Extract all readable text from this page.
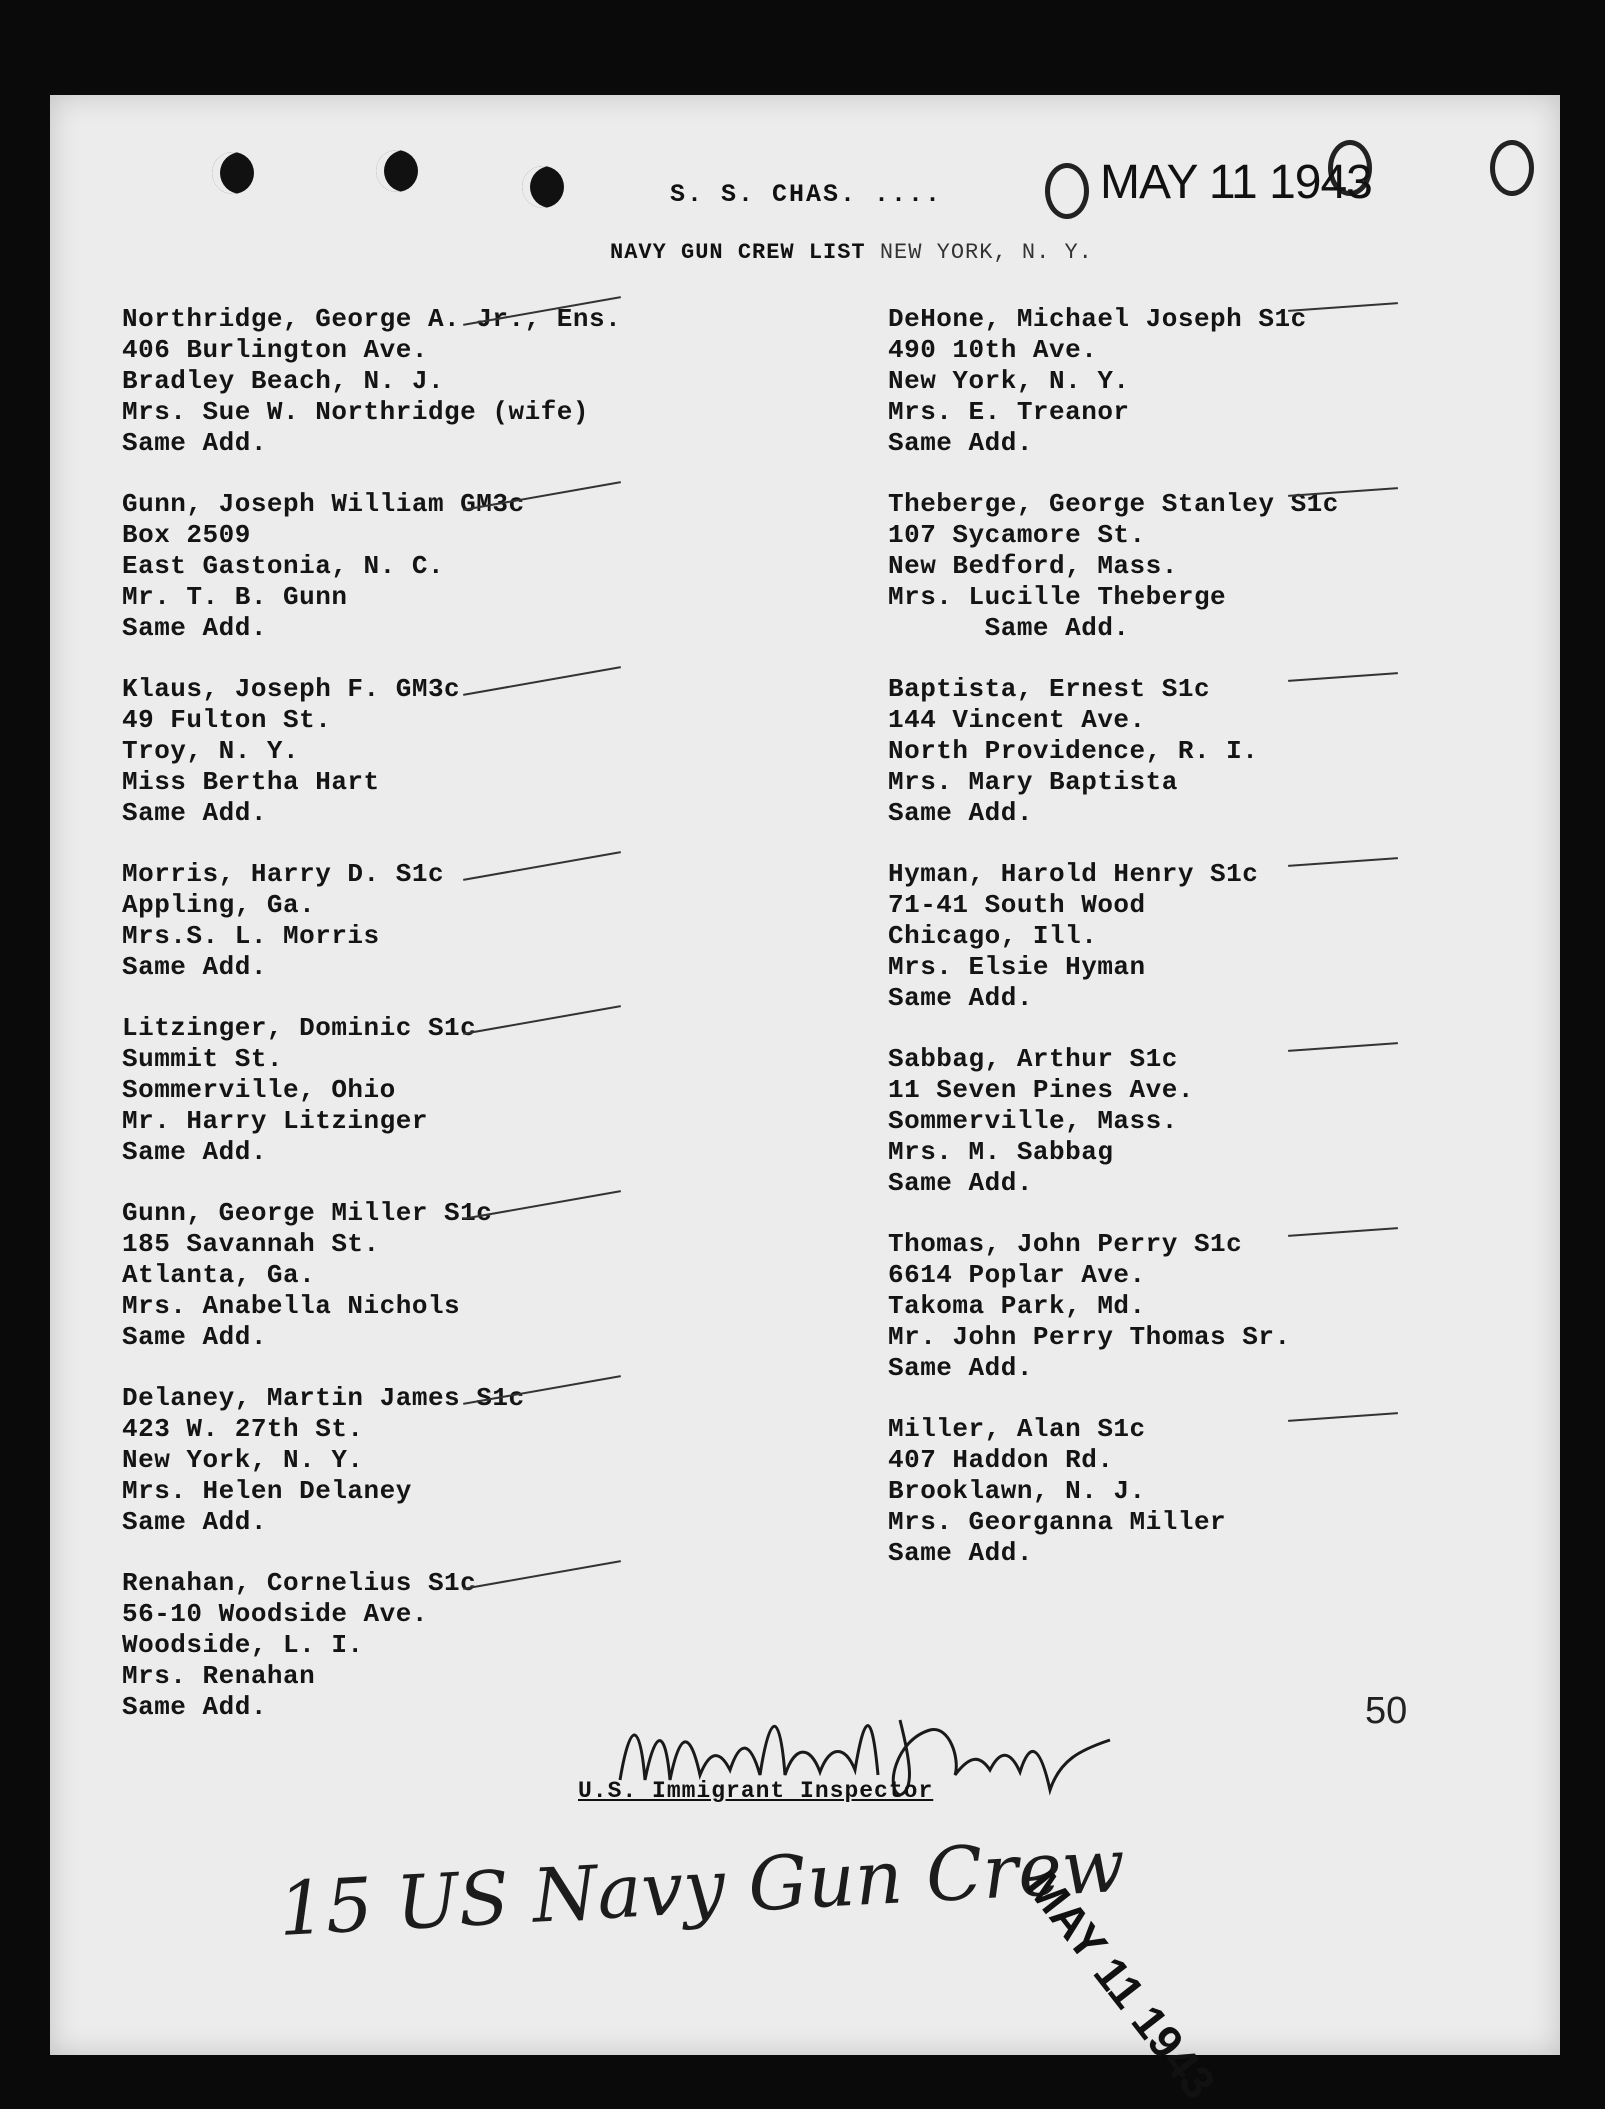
S. S. CHAS. ....	MAY 11 1943
NAVY GUN CREW LIST NEW YORK, N. Y.
Northridge, George A. Jr., Ens.
406 Burlington Ave.
Bradley Beach, N. J.
Mrs. Sue W. Northridge (wife)
Same Add.
Gunn, Joseph William GM3c
Box 2509
East Gastonia, N. C.
Mr. T. B. Gunn
Same Add.
Klaus, Joseph F. GM3c
49 Fulton St.
Troy, N. Y.
Miss Bertha Hart
Same Add.
Morris, Harry D. S1c
Appling, Ga.
Mrs.S. L. Morris
Same Add.
Litzinger, Dominic S1c
Summit St.
Sommerville, Ohio
Mr. Harry Litzinger
Same Add.
Gunn, George Miller S1c
185 Savannah St.
Atlanta, Ga.
Mrs. Anabella Nichols
Same Add.
Delaney, Martin James S1c
423 W. 27th St.
New York, N. Y.
Mrs. Helen Delaney
Same Add.
Renahan, Cornelius S1c
56-10 Woodside Ave.
Woodside, L. I.
Mrs. Renahan
Same Add.
DeHone, Michael Joseph S1c
490 10th Ave.
New York, N. Y.
Mrs. E. Treanor
Same Add.
Theberge, George Stanley S1c
107 Sycamore St.
New Bedford, Mass.
Mrs. Lucille Theberge
Same Add.
Baptista, Ernest S1c
144 Vincent Ave.
North Providence, R. I.
Mrs. Mary Baptista
Same Add.
Hyman, Harold Henry S1c
71-41 South Wood
Chicago, Ill.
Mrs. Elsie Hyman
Same Add.
Sabbag, Arthur S1c
11 Seven Pines Ave.
Sommerville, Mass.
Mrs. M. Sabbag
Same Add.
Thomas, John Perry S1c
6614 Poplar Ave.
Takoma Park, Md.
Mr. John Perry Thomas Sr.
Same Add.
Miller, Alan S1c
407 Haddon Rd.
Brooklawn, N. J.
Mrs. Georganna Miller
Same Add.
50
U.S. Immigrant Inspector
15 US Navy Gun Crew
MAY 11 1943
